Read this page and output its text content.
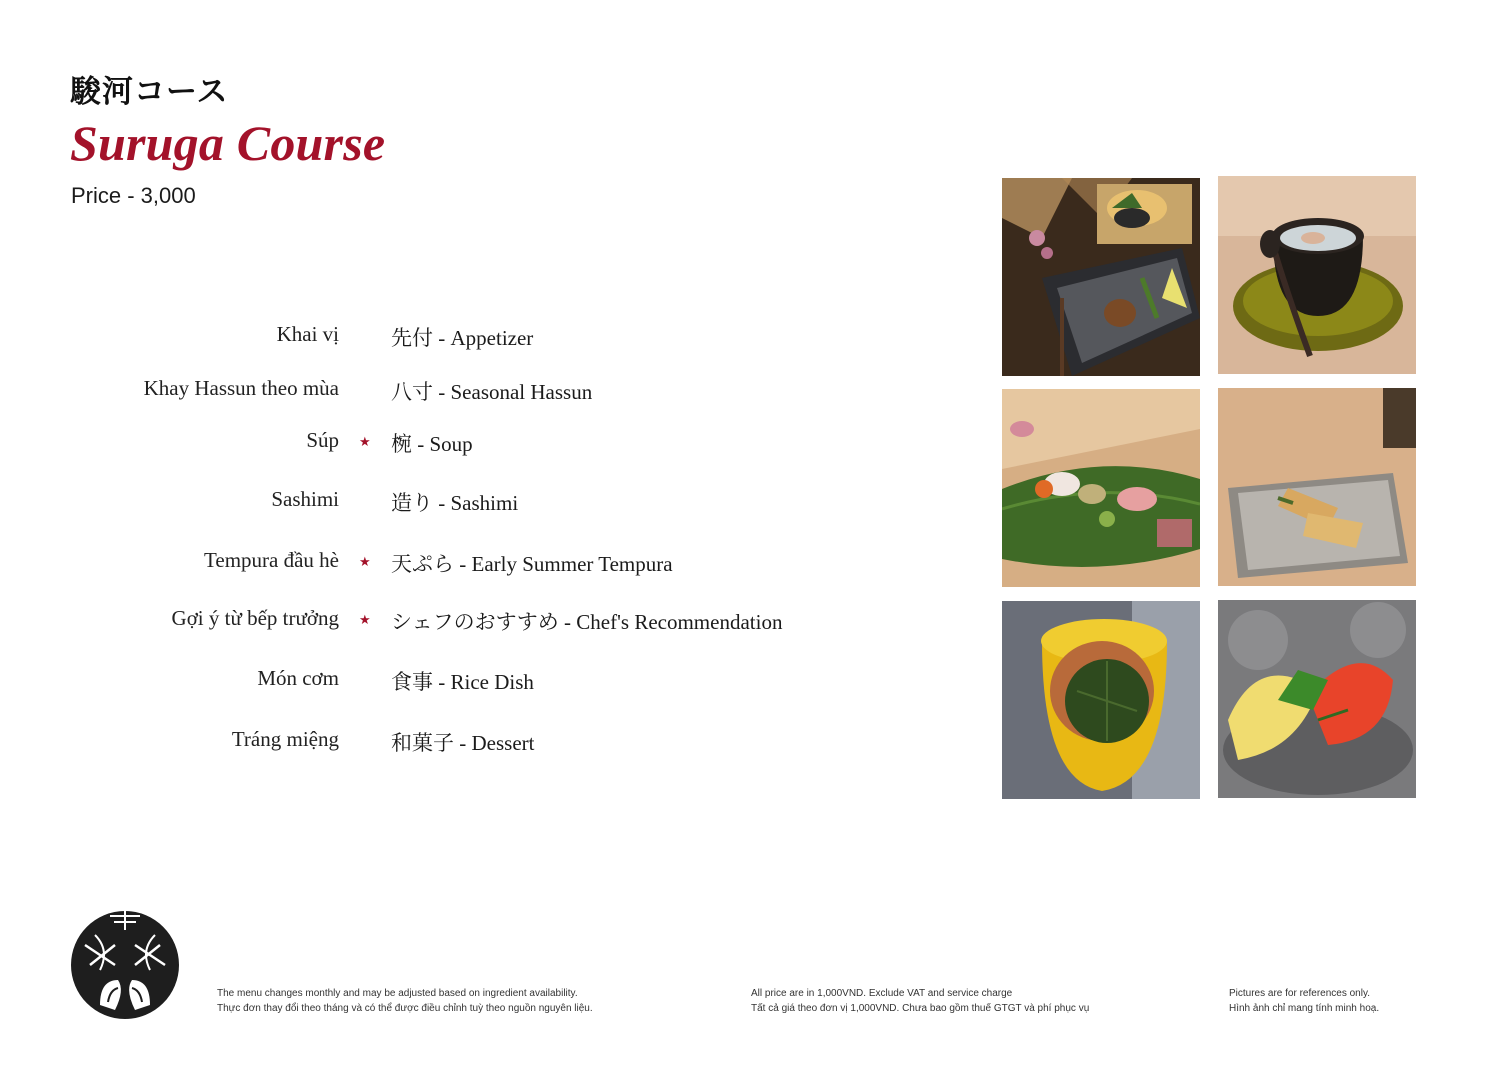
駿河コース
Suruga Course
Price - 3,000
Khai vị 先付 - Appetizer
Khay Hassun theo mùa 八寸 - Seasonal Hassun
Súp ★ 椀 - Soup
Sashimi 造り - Sashimi
Tempura đầu hè ★ 天ぷら - Early Summer Tempura
Gợi ý từ bếp trưởng ★ シェフのおすすめ - Chef's Recommendation
Món cơm 食事 - Rice Dish
Tráng miệng 和菓子 - Dessert
The menu changes monthly and may be adjusted based on ingredient availability.
Thực đơn thay đổi theo tháng và có thể được điều chỉnh tuỳ theo nguồn nguyên liệu.
All price are in 1,000VND. Exclude VAT and service charge
Tất cả giá theo đơn vị 1,000VND. Chưa bao gồm thuế GTGT và phí phục vụ
Pictures are for references only.
Hình ảnh chỉ mang tính minh hoạ.
